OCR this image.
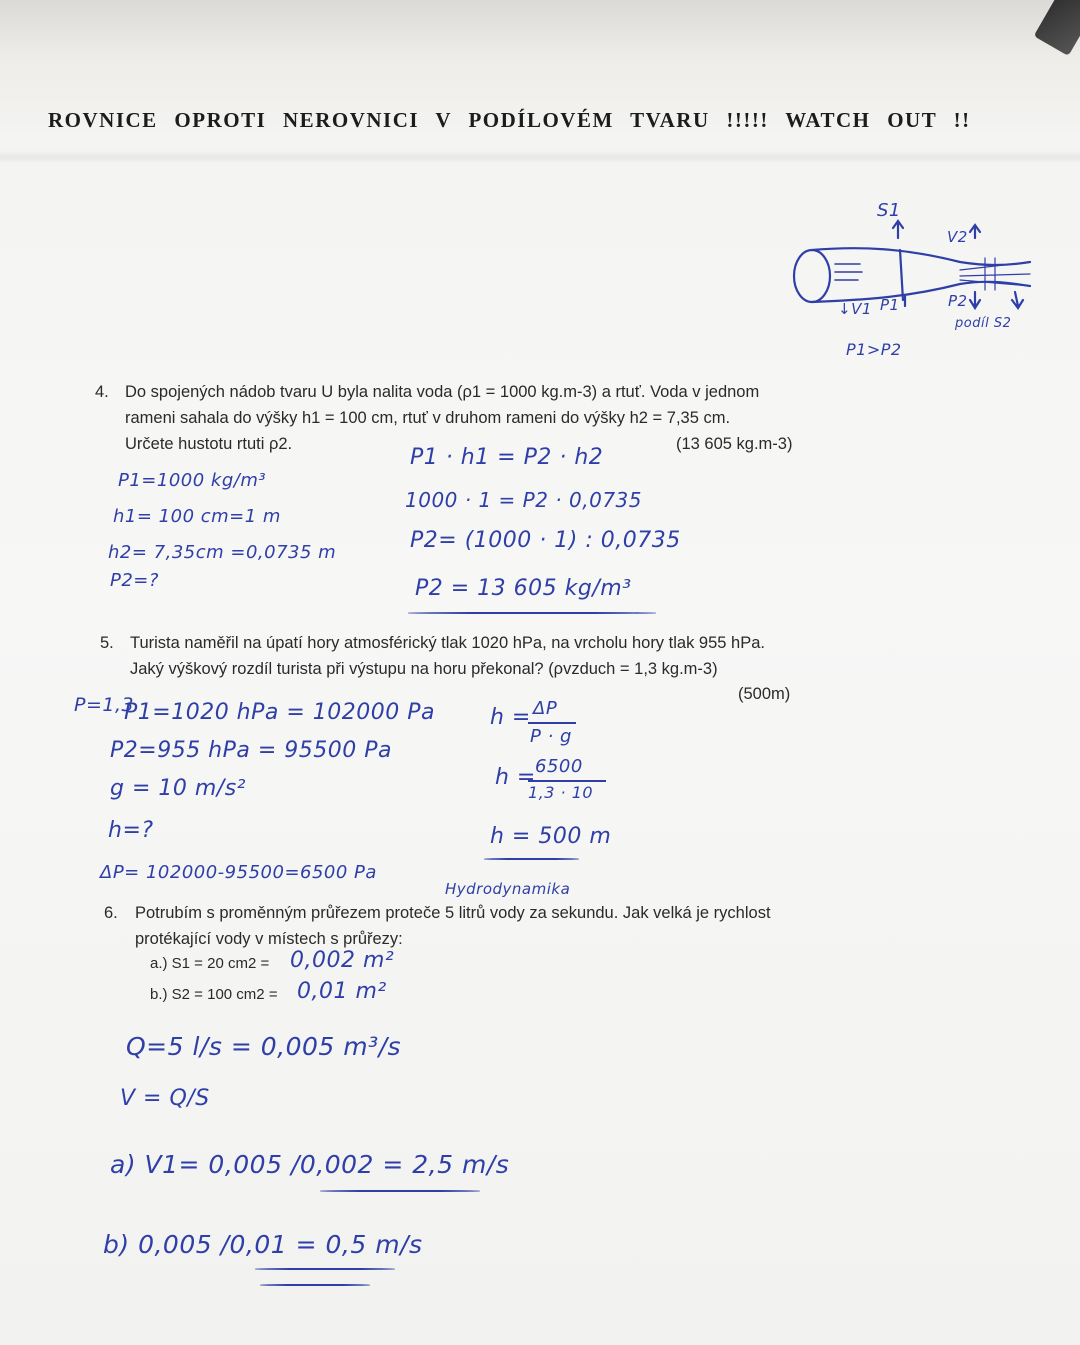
ROVNICE OPROTI NEROVNICI V PODÍLOVÉM TVARU !!!!! WATCH OUT !!
S1
V2
↓V1 P1	P2
podíl S2
P1>P2
4. Do spojených nádob tvaru U byla nalita voda (ρ1 = 1000 kg.m-3) a rtuť. Voda v jednom
rameni sahala do výšky h1 = 100 cm, rtuť v druhom rameni do výšky h2 = 7,35 cm.
Určete hustotu rtuti ρ2.	(13 605 kg.m-3)
P1=1000 kg/m³
h1= 100 cm=1 m
h2= 7,35cm =0,0735 m
P2=?
P1 · h1 = P2 · h2
1000 · 1 = P2 · 0,0735
P2= (1000 · 1) : 0,0735
P2 = 13 605 kg/m³
5. Turista naměřil na úpatí hory atmosférický tlak 1020 hPa, na vrcholu hory tlak 955 hPa.
Jaký výškový rozdíl turista při výstupu na horu překonal? (ρvzduch = 1,3 kg.m-3)
(500m)
P=1,3
P1=1020 hPa = 102000 Pa
P2=955 hPa = 95500 Pa
g = 10 m/s²
h=?
ΔP= 102000-95500=6500 Pa
h = ΔP
P · g
h = 6500
1,3 · 10
h = 500 m
Hydrodynamika
6. Potrubím s proměnným průřezem proteče 5 litrů vody za sekundu. Jak velká je rychlost
protékající vody v místech s průřezy:
a.) S1 = 20 cm2 = 0,002 m²
b.) S2 = 100 cm2 = 0,01 m²
Q=5 l/s = 0,005 m³/s
V = Q/S
a) V1= 0,005 /0,002 = 2,5 m/s
b) 0,005 /0,01 = 0,5 m/s
